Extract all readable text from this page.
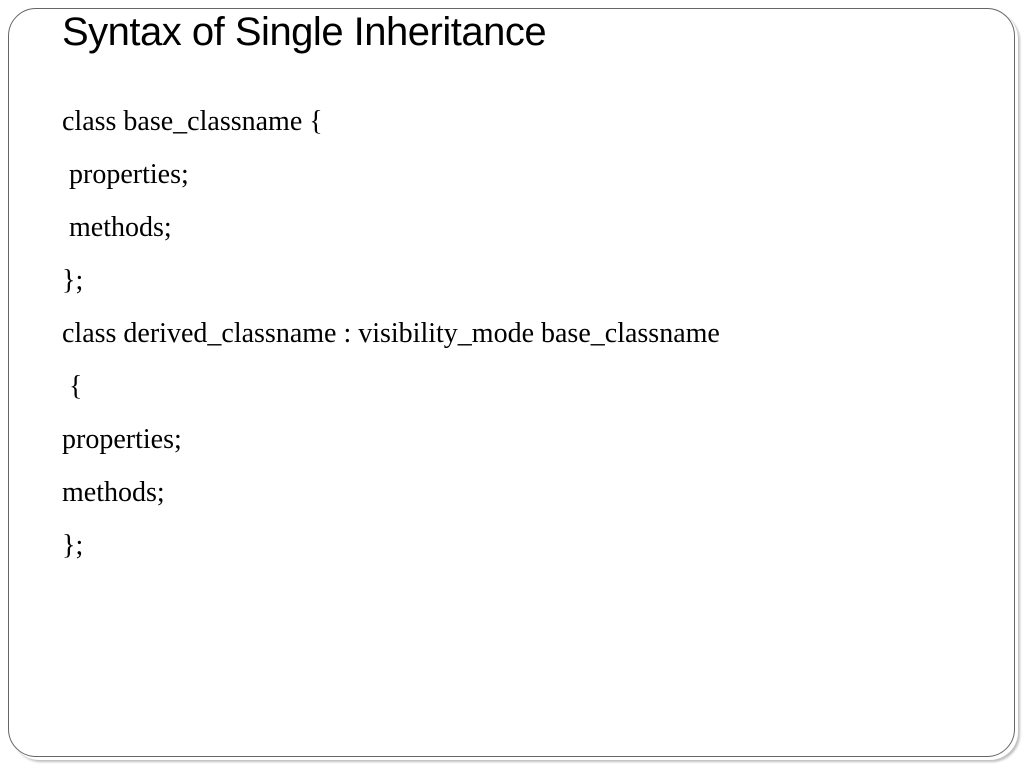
Syntax of Single Inheritance

class base_classname {

properties;

methods;

};

class derived_classname : visibility_mode base_classname

{

properties;

methods;

};
